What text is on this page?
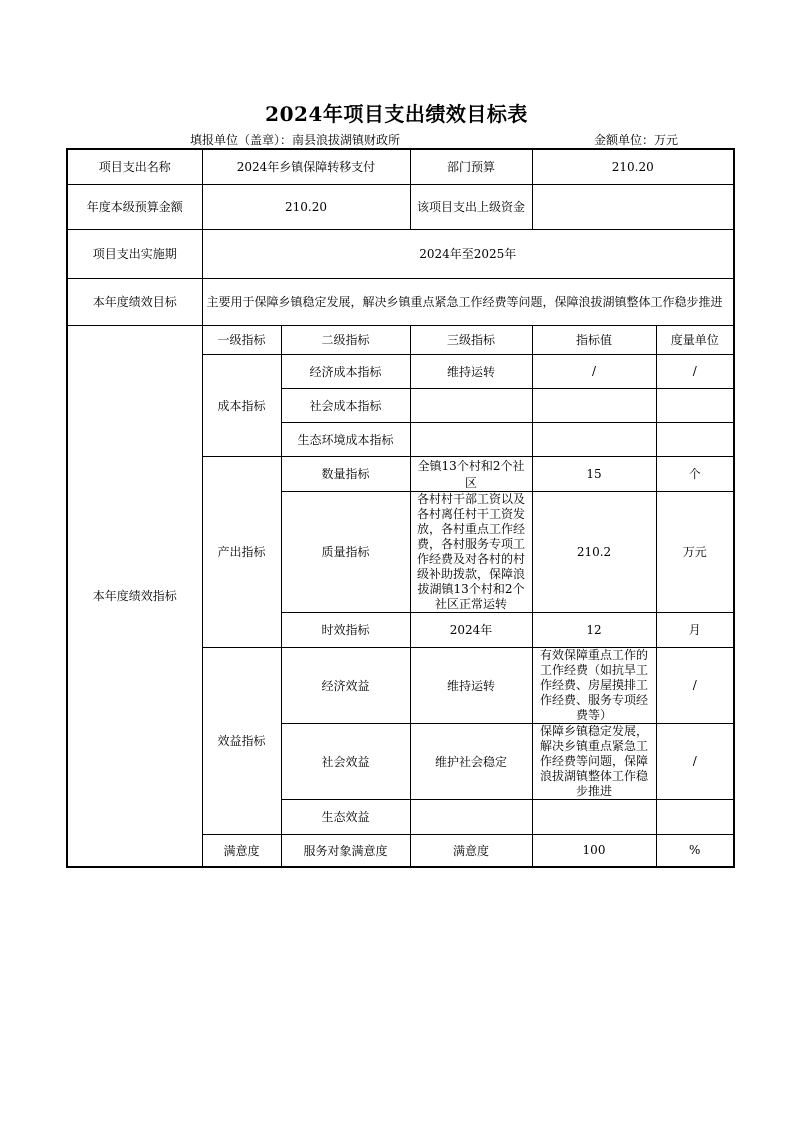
2024年项目支出绩效目标表
填报单位（盖章）：南县浪拔湖镇财政所	金额单位：万元
项目支出名称	2024年乡镇保障转移支付		部门预算	210.20	
年度本级预算金额	210.20		该项目支出上级资金		
项目支出实施期	2024年至2025年				
本年度绩效目标	主要用于保障乡镇稳定发展，解决乡镇重点紧急工作经费等问题，保障浪拔湖镇整体工作稳步推进				
本年度绩效指标	一级指标	二级指标	三级指标	指标值	度量单位
	成本指标	经济成本指标	维持运转	/	/
		社会成本指标			
		生态环境成本指标			
	产出指标	数量指标	全镇13个村和2个社区	15	个
		质量指标	各村村干部工资以及各村离任村干工资发放，各村重点工作经费，各村服务专项工作经费及对各村的村级补助拨款，保障浪拔湖镇13个村和2个社区正常运转	210.2	万元
		时效指标	2024年	12	月
	效益指标	经济效益	维持运转	有效保障重点工作的工作经费（如抗旱工作经费、房屋摸排工作经费、服务专项经费等）	/
		社会效益	维护社会稳定	保障乡镇稳定发展，解决乡镇重点紧急工作经费等问题，保障浪拔湖镇整体工作稳步推进	/
		生态效益			
	满意度	服务对象满意度	满意度	100	%
